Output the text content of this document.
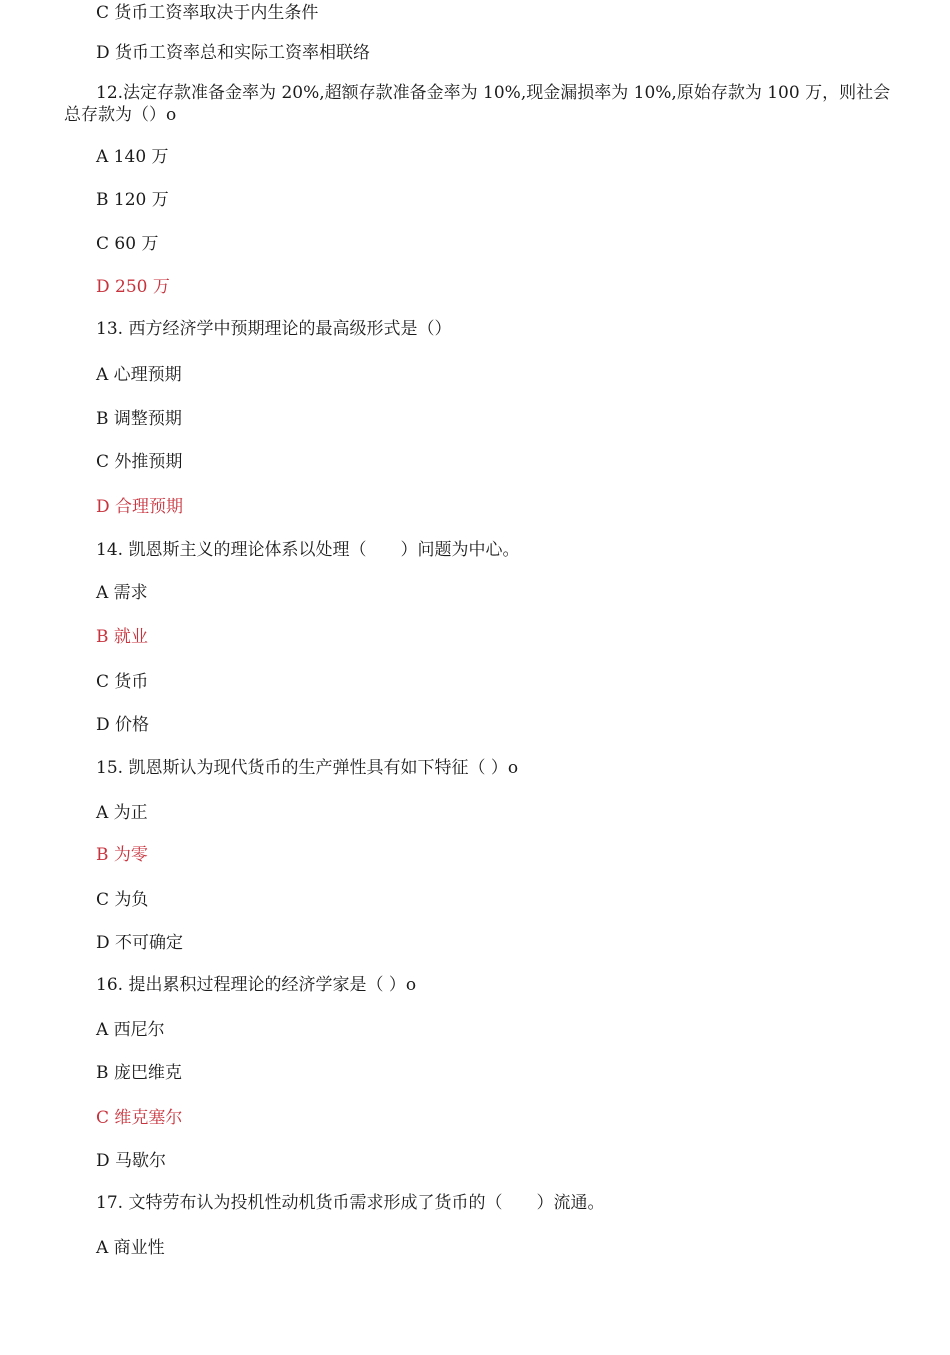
C 货币工资率取决于内生条件
D 货币工资率总和实际工资率相联络
12.法定存款准备金率为 20%,超额存款准备金率为 10%,现金漏损率为 10%,原始存款为 100 万，则社会总存款为（）o
A 140 万
B 120 万
C 60 万
D 250 万
13. 西方经济学中预期理论的最高级形式是（）
A 心理预期
B 调整预期
C 外推预期
D 合理预期
14. 凯恩斯主义的理论体系以处理（　　）问题为中心。
A 需求
B 就业
C 货币
D 价格
15. 凯恩斯认为现代货币的生产弹性具有如下特征（ ）o
A 为正
B 为零
C 为负
D 不可确定
16. 提出累积过程理论的经济学家是（ ）o
A 西尼尔
B 庞巴维克
C 维克塞尔
D 马歇尔
17. 文特劳布认为投机性动机货币需求形成了货币的（　　）流通。
A 商业性
